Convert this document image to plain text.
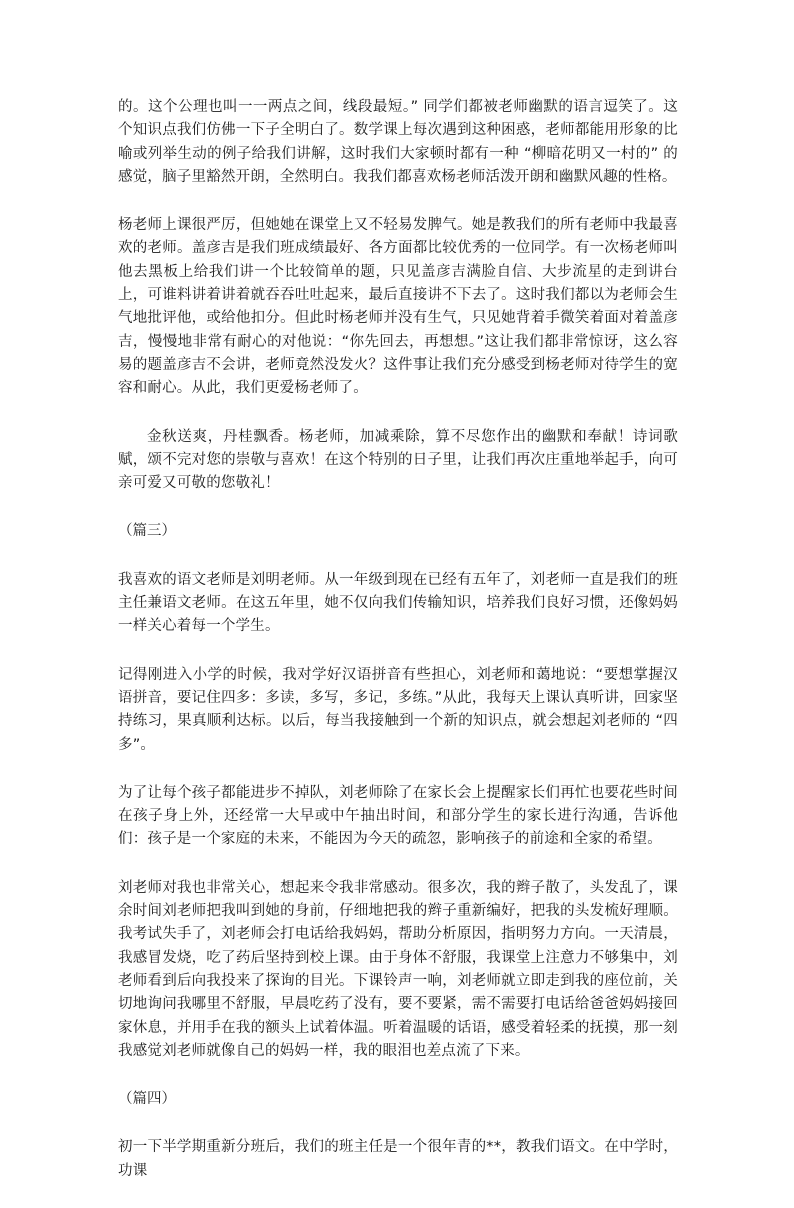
的。这个公理也叫一一两点之间，线段最短。” 同学们都被老师幽默的语言逗笑了。这个知识点我们仿佛一下子全明白了。数学课上每次遇到这种困惑，老师都能用形象的比喻或列举生动的例子给我们讲解，这时我们大家顿时都有一种 “柳暗花明又一村的” 的感觉，脑子里豁然开朗，全然明白。我我们都喜欢杨老师活泼开朗和幽默风趣的性格。

杨老师上课很严厉，但她她在课堂上又不轻易发脾气。她是教我们的所有老师中我最喜欢的老师。盖彦吉是我们班成绩最好、各方面都比较优秀的一位同学。有一次杨老师叫他去黑板上给我们讲一个比较简单的题，只见盖彦吉满脸自信、大步流星的走到讲台上，可谁料讲着讲着就吞吞吐吐起来，最后直接讲不下去了。这时我们都以为老师会生气地批评他，或给他扣分。但此时杨老师并没有生气，只见她背着手微笑着面对着盖彦吉，慢慢地非常有耐心的对他说：“你先回去，再想想。”这让我们都非常惊讶，这么容易的题盖彦吉不会讲，老师竟然没发火？这件事让我们充分感受到杨老师对待学生的宽容和耐心。从此，我们更爱杨老师了。

金秋送爽，丹桂飘香。杨老师，加减乘除，算不尽您作出的幽默和奉献！诗词歌赋，颂不完对您的崇敬与喜欢！在这个特别的日子里，让我们再次庄重地举起手，向可亲可爱又可敬的您敬礼！

（篇三）

我喜欢的语文老师是刘明老师。从一年级到现在已经有五年了，刘老师一直是我们的班主任兼语文老师。在这五年里，她不仅向我们传输知识，培养我们良好习惯，还像妈妈一样关心着每一个学生。

记得刚进入小学的时候，我对学好汉语拼音有些担心，刘老师和蔼地说：“要想掌握汉语拼音，要记住四多：多读，多写，多记，多练。”从此，我每天上课认真听讲，回家坚持练习，果真顺利达标。以后，每当我接触到一个新的知识点，就会想起刘老师的 “四多”。

为了让每个孩子都能进步不掉队，刘老师除了在家长会上提醒家长们再忙也要花些时间在孩子身上外，还经常一大早或中午抽出时间，和部分学生的家长进行沟通，告诉他们：孩子是一个家庭的未来，不能因为今天的疏忽，影响孩子的前途和全家的希望。

刘老师对我也非常关心，想起来令我非常感动。很多次，我的辫子散了，头发乱了，课余时间刘老师把我叫到她的身前，仔细地把我的辫子重新编好，把我的头发梳好理顺。我考试失手了，刘老师会打电话给我妈妈，帮助分析原因，指明努力方向。一天清晨，我感冒发烧，吃了药后坚持到校上课。由于身体不舒服，我课堂上注意力不够集中，刘老师看到后向我投来了探询的目光。下课铃声一响，刘老师就立即走到我的座位前，关切地询问我哪里不舒服，早晨吃药了没有，要不要紧，需不需要打电话给爸爸妈妈接回家休息，并用手在我的额头上试着体温。听着温暖的话语，感受着轻柔的抚摸，那一刻我感觉刘老师就像自己的妈妈一样，我的眼泪也差点流了下来。

（篇四）

初一下半学期重新分班后，我们的班主任是一个很年青的**，教我们语文。在中学时，功课
